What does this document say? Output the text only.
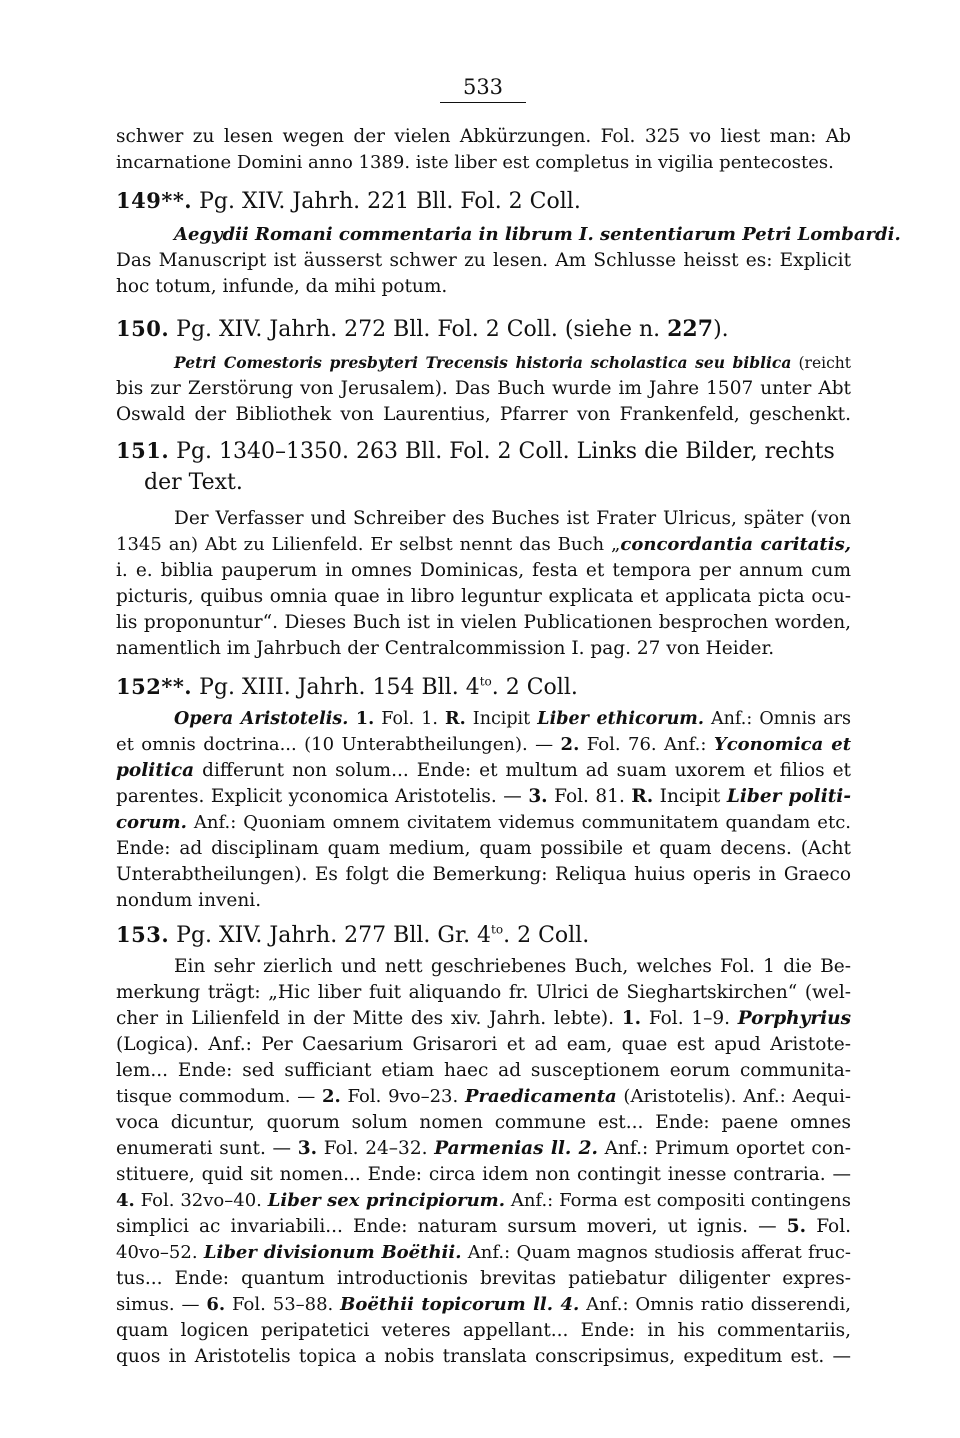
533
schwer zu lesen wegen der vielen Abkürzungen. Fol. 325 vo liest man: Ab
incarnatione Domini anno 1389. iste liber est completus in vigilia pentecostes.
149**. Pg. XIV. Jahrh. 221 Bll. Fol. 2 Coll.
Aegydii Romani commentaria in librum I. sententiarum Petri Lombardi.
Das Manuscript ist äusserst schwer zu lesen. Am Schlusse heisst es: Explicit
hoc totum, infunde, da mihi potum.
150. Pg. XIV. Jahrh. 272 Bll. Fol. 2 Coll. (siehe n. 227).
Petri Comestoris presbyteri Trecensis historia scholastica seu biblica (reicht
bis zur Zerstörung von Jerusalem). Das Buch wurde im Jahre 1507 unter Abt
Oswald der Bibliothek von Laurentius, Pfarrer von Frankenfeld, geschenkt.
151. Pg. 1340–1350. 263 Bll. Fol. 2 Coll. Links die Bilder, rechts
der Text.
Der Verfasser und Schreiber des Buches ist Frater Ulricus, später (von
1345 an) Abt zu Lilienfeld. Er selbst nennt das Buch „concordantia caritatis,
i. e. biblia pauperum in omnes Dominicas, festa et tempora per annum cum
picturis, quibus omnia quae in libro leguntur explicata et applicata picta ocu-
lis proponuntur“. Dieses Buch ist in vielen Publicationen besprochen worden,
namentlich im Jahrbuch der Centralcommission I. pag. 27 von Heider.
152**. Pg. XIII. Jahrh. 154 Bll. $4^{to}$. 2 Coll.
Opera Aristotelis. 1. Fol. 1. R. Incipit Liber ethicorum. Anf.: Omnis ars
et omnis doctrina... (10 Unterabtheilungen). — 2. Fol. 76. Anf.: Yconomica et
politica differunt non solum... Ende: et multum ad suam uxorem et filios et
parentes. Explicit yconomica Aristotelis. — 3. Fol. 81. R. Incipit Liber politi-
corum. Anf.: Quoniam omnem civitatem videmus communitatem quandam etc.
Ende: ad disciplinam quam medium, quam possibile et quam decens. (Acht
Unterabtheilungen). Es folgt die Bemerkung: Reliqua huius operis in Graeco
nondum inveni.
153. Pg. XIV. Jahrh. 277 Bll. Gr. $4^{to}$. 2 Coll.
Ein sehr zierlich und nett geschriebenes Buch, welches Fol. 1 die Be-
merkung trägt: „Hic liber fuit aliquando fr. Ulrici de Sieghartskirchen“ (wel-
cher in Lilienfeld in der Mitte des xiv. Jahrh. lebte). 1. Fol. 1–9. Porphyrius
(Logica). Anf.: Per Caesarium Grisarori et ad eam, quae est apud Aristote-
lem... Ende: sed sufficiant etiam haec ad susceptionem eorum communita-
tisque commodum. — 2. Fol. 9vo–23. Praedicamenta (Aristotelis). Anf.: Aequi-
voca dicuntur, quorum solum nomen commune est... Ende: paene omnes
enumerati sunt. — 3. Fol. 24–32. Parmenias ll. 2. Anf.: Primum oportet con-
stituere, quid sit nomen... Ende: circa idem non contingit inesse contraria. —
4. Fol. 32vo–40. Liber sex principiorum. Anf.: Forma est compositi contingens
simplici ac invariabili... Ende: naturam sursum moveri, ut ignis. — 5. Fol.
40vo–52. Liber divisionum Boëthii. Anf.: Quam magnos studiosis afferat fruc-
tus... Ende: quantum introductionis brevitas patiebatur diligenter expres-
simus. — 6. Fol. 53–88. Boëthii topicorum ll. 4. Anf.: Omnis ratio disserendi,
quam logicen peripatetici veteres appellant... Ende: in his commentariis,
quos in Aristotelis topica a nobis translata conscripsimus, expeditum est. —
